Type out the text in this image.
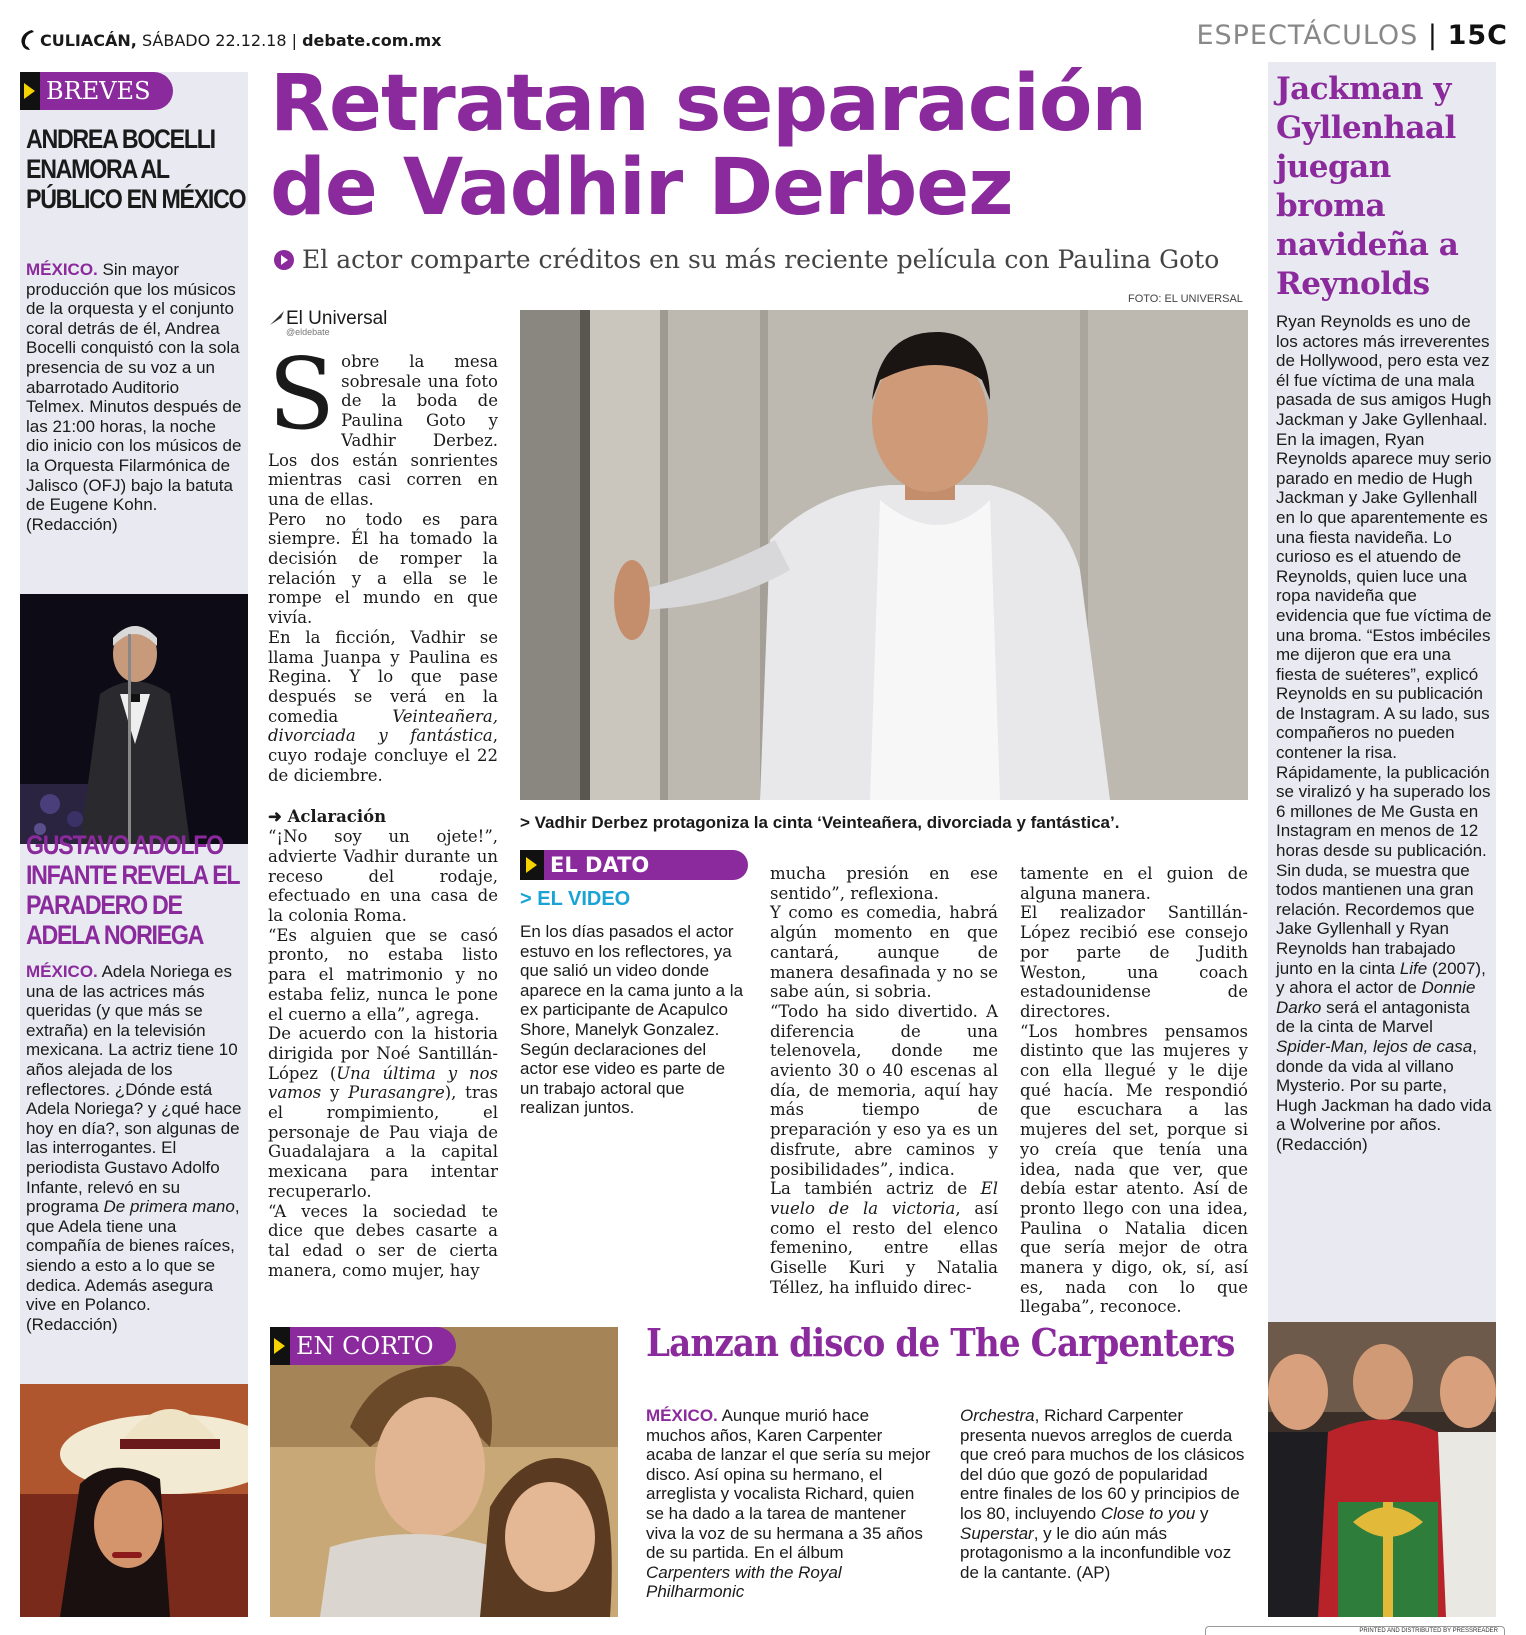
CULIACÁN, SÁBADO 22.12.18 | debate.com.mx	ESPECTÁCULOS | 15C
BREVES
ANDREA BOCELLI ENAMORA AL PÚBLICO EN MÉXICO
MÉXICO. Sin mayor producción que los músicos de la orquesta y el conjunto coral detrás de él, Andrea Bocelli conquistó con la sola presencia de su voz a un abarrotado Auditorio Telmex. Minutos después de las 21:00 horas, la noche dio inicio con los músicos de la Orquesta Filarmónica de Jalisco (OFJ) bajo la batuta de Eugene Kohn. (Redacción)
GUSTAVO ADOLFO INFANTE REVELA EL PARADERO DE ADELA NORIEGA
MÉXICO. Adela Noriega es una de las actrices más queridas (y que más se extraña) en la televisión mexicana. La actriz tiene 10 años alejada de los reflectores. ¿Dónde está Adela Noriega? y ¿qué hace hoy en día?, son algunas de las interrogantes. El periodista Gustavo Adolfo Infante, relevó en su programa De primera mano, que Adela tiene una compañía de bienes raíces, siendo a esto a lo que se dedica. Además asegura vive en Polanco. (Redacción)
Retratan separación
de Vadhir Derbez
El actor comparte créditos en su más reciente película con Paulina Goto
FOTO: EL UNIVERSAL
El Universal
@eldebate

Sobre la mesa sobresale una foto de la boda de Paulina Goto y Vadhir Derbez. Los dos están sonrientes mientras casi corren en una de ellas.

Pero no todo es para siempre. Él ha tomado la decisión de romper la relación y a ella se le rompe el mundo en que vivía.

En la ficción, Vadhir se llama Juanpa y Paulina es Regina. Y lo que pase después se verá en la comedia Veinteañera, divorciada y fantástica, cuyo rodaje concluye el 22 de diciembre.

➜ Aclaración

“¡No soy un ojete!”, advierte Vadhir durante un receso del rodaje, efectuado en una casa de la colonia Roma.

“Es alguien que se casó pronto, no estaba listo para el matrimonio y no estaba feliz, nunca le pone el cuerno a ella”, agrega.

De acuerdo con la historia dirigida por Noé Santillán-López (Una última y nos vamos y Purasangre), tras el rompimiento, el personaje de Pau viaja de Guadalajara a la capital mexicana para intentar recuperarlo.

“A veces la sociedad te dice que debes casarte a tal edad o ser de cierta manera, como mujer, hay

> Vadhir Derbez protagoniza la cinta ‘Veinteañera, divorciada y fantástica’.
EL DATO
> EL VIDEO
En los días pasados el actor estuvo en los reflectores, ya que salió un video donde aparece en la cama junto a la ex participante de Acapulco Shore, Manelyk Gonzalez. Según declaraciones del actor ese video es parte de un trabajo actoral que realizan juntos.

mucha presión en ese sentido”, reflexiona.

Y como es comedia, habrá algún momento en que cantará, aunque de manera desafinada y no se sabe aún, si sobria.

“Todo ha sido divertido. A diferencia de una telenovela, donde me aviento 30 o 40 escenas al día, de memoria, aquí hay más tiempo de preparación y eso ya es un disfrute, abre caminos y posibilidades”, indica.

La también actriz de El vuelo de la victoria, así como el resto del elenco femenino, entre ellas Giselle Kuri y Natalia Téllez, ha influido direc-

tamente en el guion de alguna manera.

El realizador Santillán-López recibió ese consejo por parte de Judith Weston, una coach estadounidense de directores.

“Los hombres pensamos distinto que las mujeres y con ella llegué y le dije qué hacía. Me respondió que escuchara a las mujeres del set, porque si yo creía que tenía una idea, nada que ver, que debía estar atento. Así de pronto llego con una idea, Paulina o Natalia dicen que sería mejor de otra manera y digo, ok, sí, así es, nada con lo que llegaba”, reconoce.

Jackman y Gyllenhaal juegan broma navideña a Reynolds
Ryan Reynolds es uno de los actores más irreverentes de Hollywood, pero esta vez él fue víctima de una mala pasada de sus amigos Hugh Jackman y Jake Gyllenhaal. En la imagen, Ryan Reynolds aparece muy serio parado en medio de Hugh Jackman y Jake Gyllenhall en lo que aparentemente es una fiesta navideña. Lo curioso es el atuendo de Reynolds, quien luce una ropa navideña que evidencia que fue víctima de una broma. “Estos imbéciles me dijeron que era una fiesta de suéteres”, explicó Reynolds en su publicación de Instagram. A su lado, sus compañeros no pueden contener la risa. Rápidamente, la publicación se viralizó y ha superado los 6 millones de Me Gusta en Instagram en menos de 12 horas desde su publicación. Sin duda, se muestra que todos mantienen una gran relación. Recordemos que Jake Gyllenhall y Ryan Reynolds han trabajado junto en la cinta Life (2007), y ahora el actor de Donnie Darko será el antagonista de la cinta de Marvel Spider-Man, lejos de casa, donde da vida al villano Mysterio. Por su parte, Hugh Jackman ha dado vida a Wolverine por años. (Redacción)
EN CORTO	Lanzan disco de The Carpenters
MÉXICO. Aunque murió hace muchos años, Karen Carpenter acaba de lanzar el que sería su mejor disco. Así opina su hermano, el arreglista y vocalista Richard, quien se ha dado a la tarea de mantener viva la voz de su hermana a 35 años de su partida. En el álbum Carpenters with the Royal Philharmonic
Orchestra, Richard Carpenter presenta nuevos arreglos de cuerda que creó para muchos de los clásicos del dúo que gozó de popularidad entre finales de los 60 y principios de los 80, incluyendo Close to you y Superstar, y le dio aún más protagonismo a la inconfundible voz de la cantante. (AP)
PRINTED AND DISTRIBUTED BY PRESSREADER
